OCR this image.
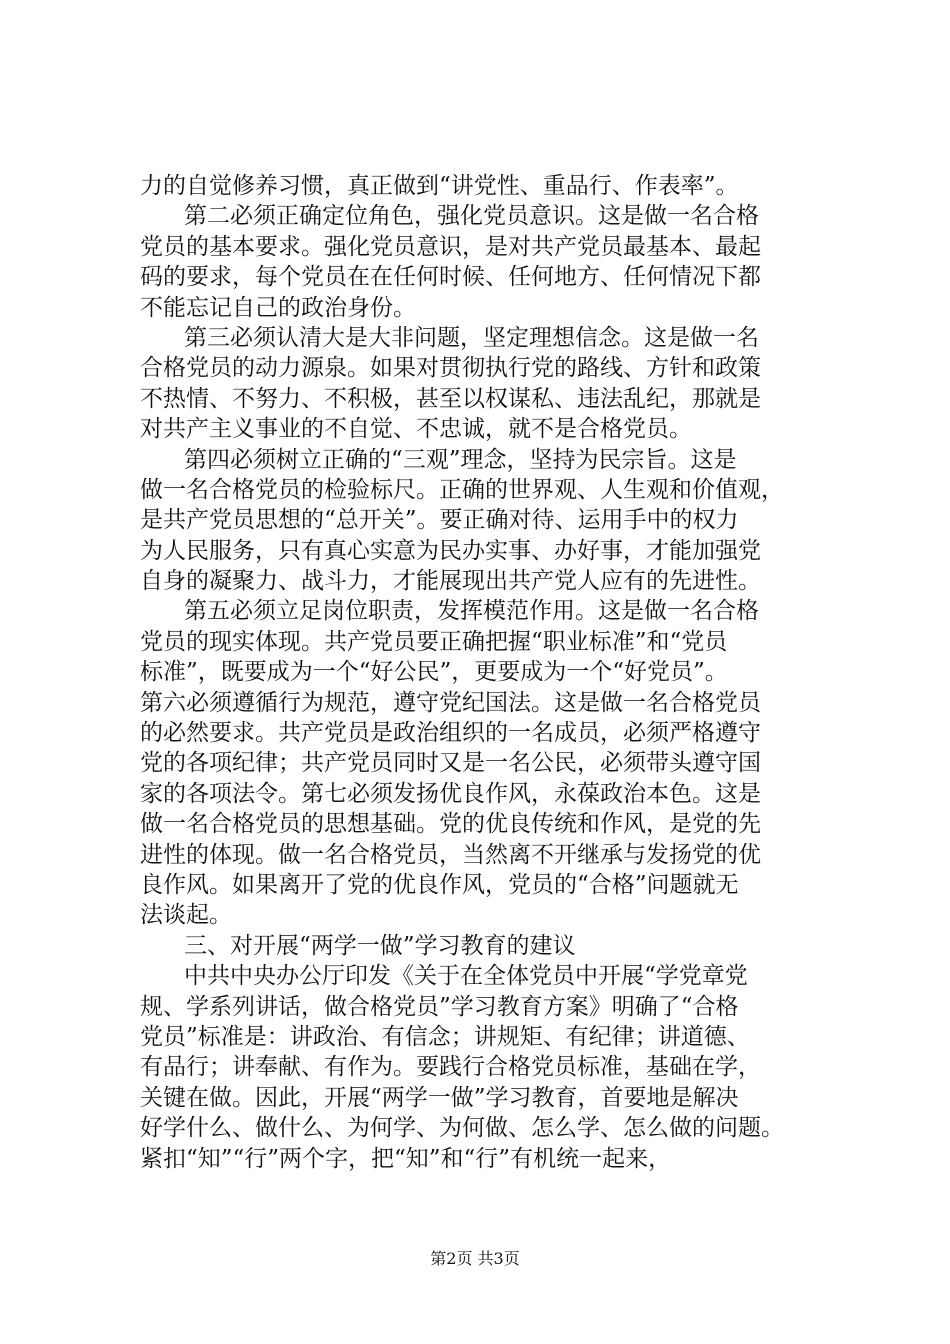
力的自觉修养习惯，真正做到“讲党性、重品行、作表率”。
第二必须正确定位角色，强化党员意识。这是做一名合格
党员的基本要求。强化党员意识，是对共产党员最基本、最起
码的要求，每个党员在在任何时候、任何地方、任何情况下都
不能忘记自己的政治身份。
第三必须认清大是大非问题，坚定理想信念。这是做一名
合格党员的动力源泉。如果对贯彻执行党的路线、方针和政策
不热情、不努力、不积极，甚至以权谋私、违法乱纪，那就是
对共产主义事业的不自觉、不忠诚，就不是合格党员。
第四必须树立正确的“三观”理念，坚持为民宗旨。这是
做一名合格党员的检验标尺。正确的世界观、人生观和价值观，
是共产党员思想的“总开关”。要正确对待、运用手中的权力
为人民服务，只有真心实意为民办实事、办好事，才能加强党
自身的凝聚力、战斗力，才能展现出共产党人应有的先进性。
第五必须立足岗位职责，发挥模范作用。这是做一名合格
党员的现实体现。共产党员要正确把握“职业标准”和“党员
标准”，既要成为一个“好公民”，更要成为一个“好党员”。
第六必须遵循行为规范，遵守党纪国法。这是做一名合格党员
的必然要求。共产党员是政治组织的一名成员，必须严格遵守
党的各项纪律；共产党员同时又是一名公民，必须带头遵守国
家的各项法令。第七必须发扬优良作风，永葆政治本色。这是
做一名合格党员的思想基础。党的优良传统和作风，是党的先
进性的体现。做一名合格党员，当然离不开继承与发扬党的优
良作风。如果离开了党的优良作风，党员的“合格”问题就无
法谈起。
三、对开展“两学一做”学习教育的建议
中共中央办公厅印发《关于在全体党员中开展“学党章党
规、学系列讲话，做合格党员”学习教育方案》明确了“合格
党员”标准是：讲政治、有信念；讲规矩、有纪律；讲道德、
有品行；讲奉献、有作为。要践行合格党员标准，基础在学，
关键在做。因此，开展“两学一做”学习教育，首要地是解决
好学什么、做什么、为何学、为何做、怎么学、怎么做的问题。
紧扣“知”“行”两个字，把“知”和“行”有机统一起来，
第2页 共3页
